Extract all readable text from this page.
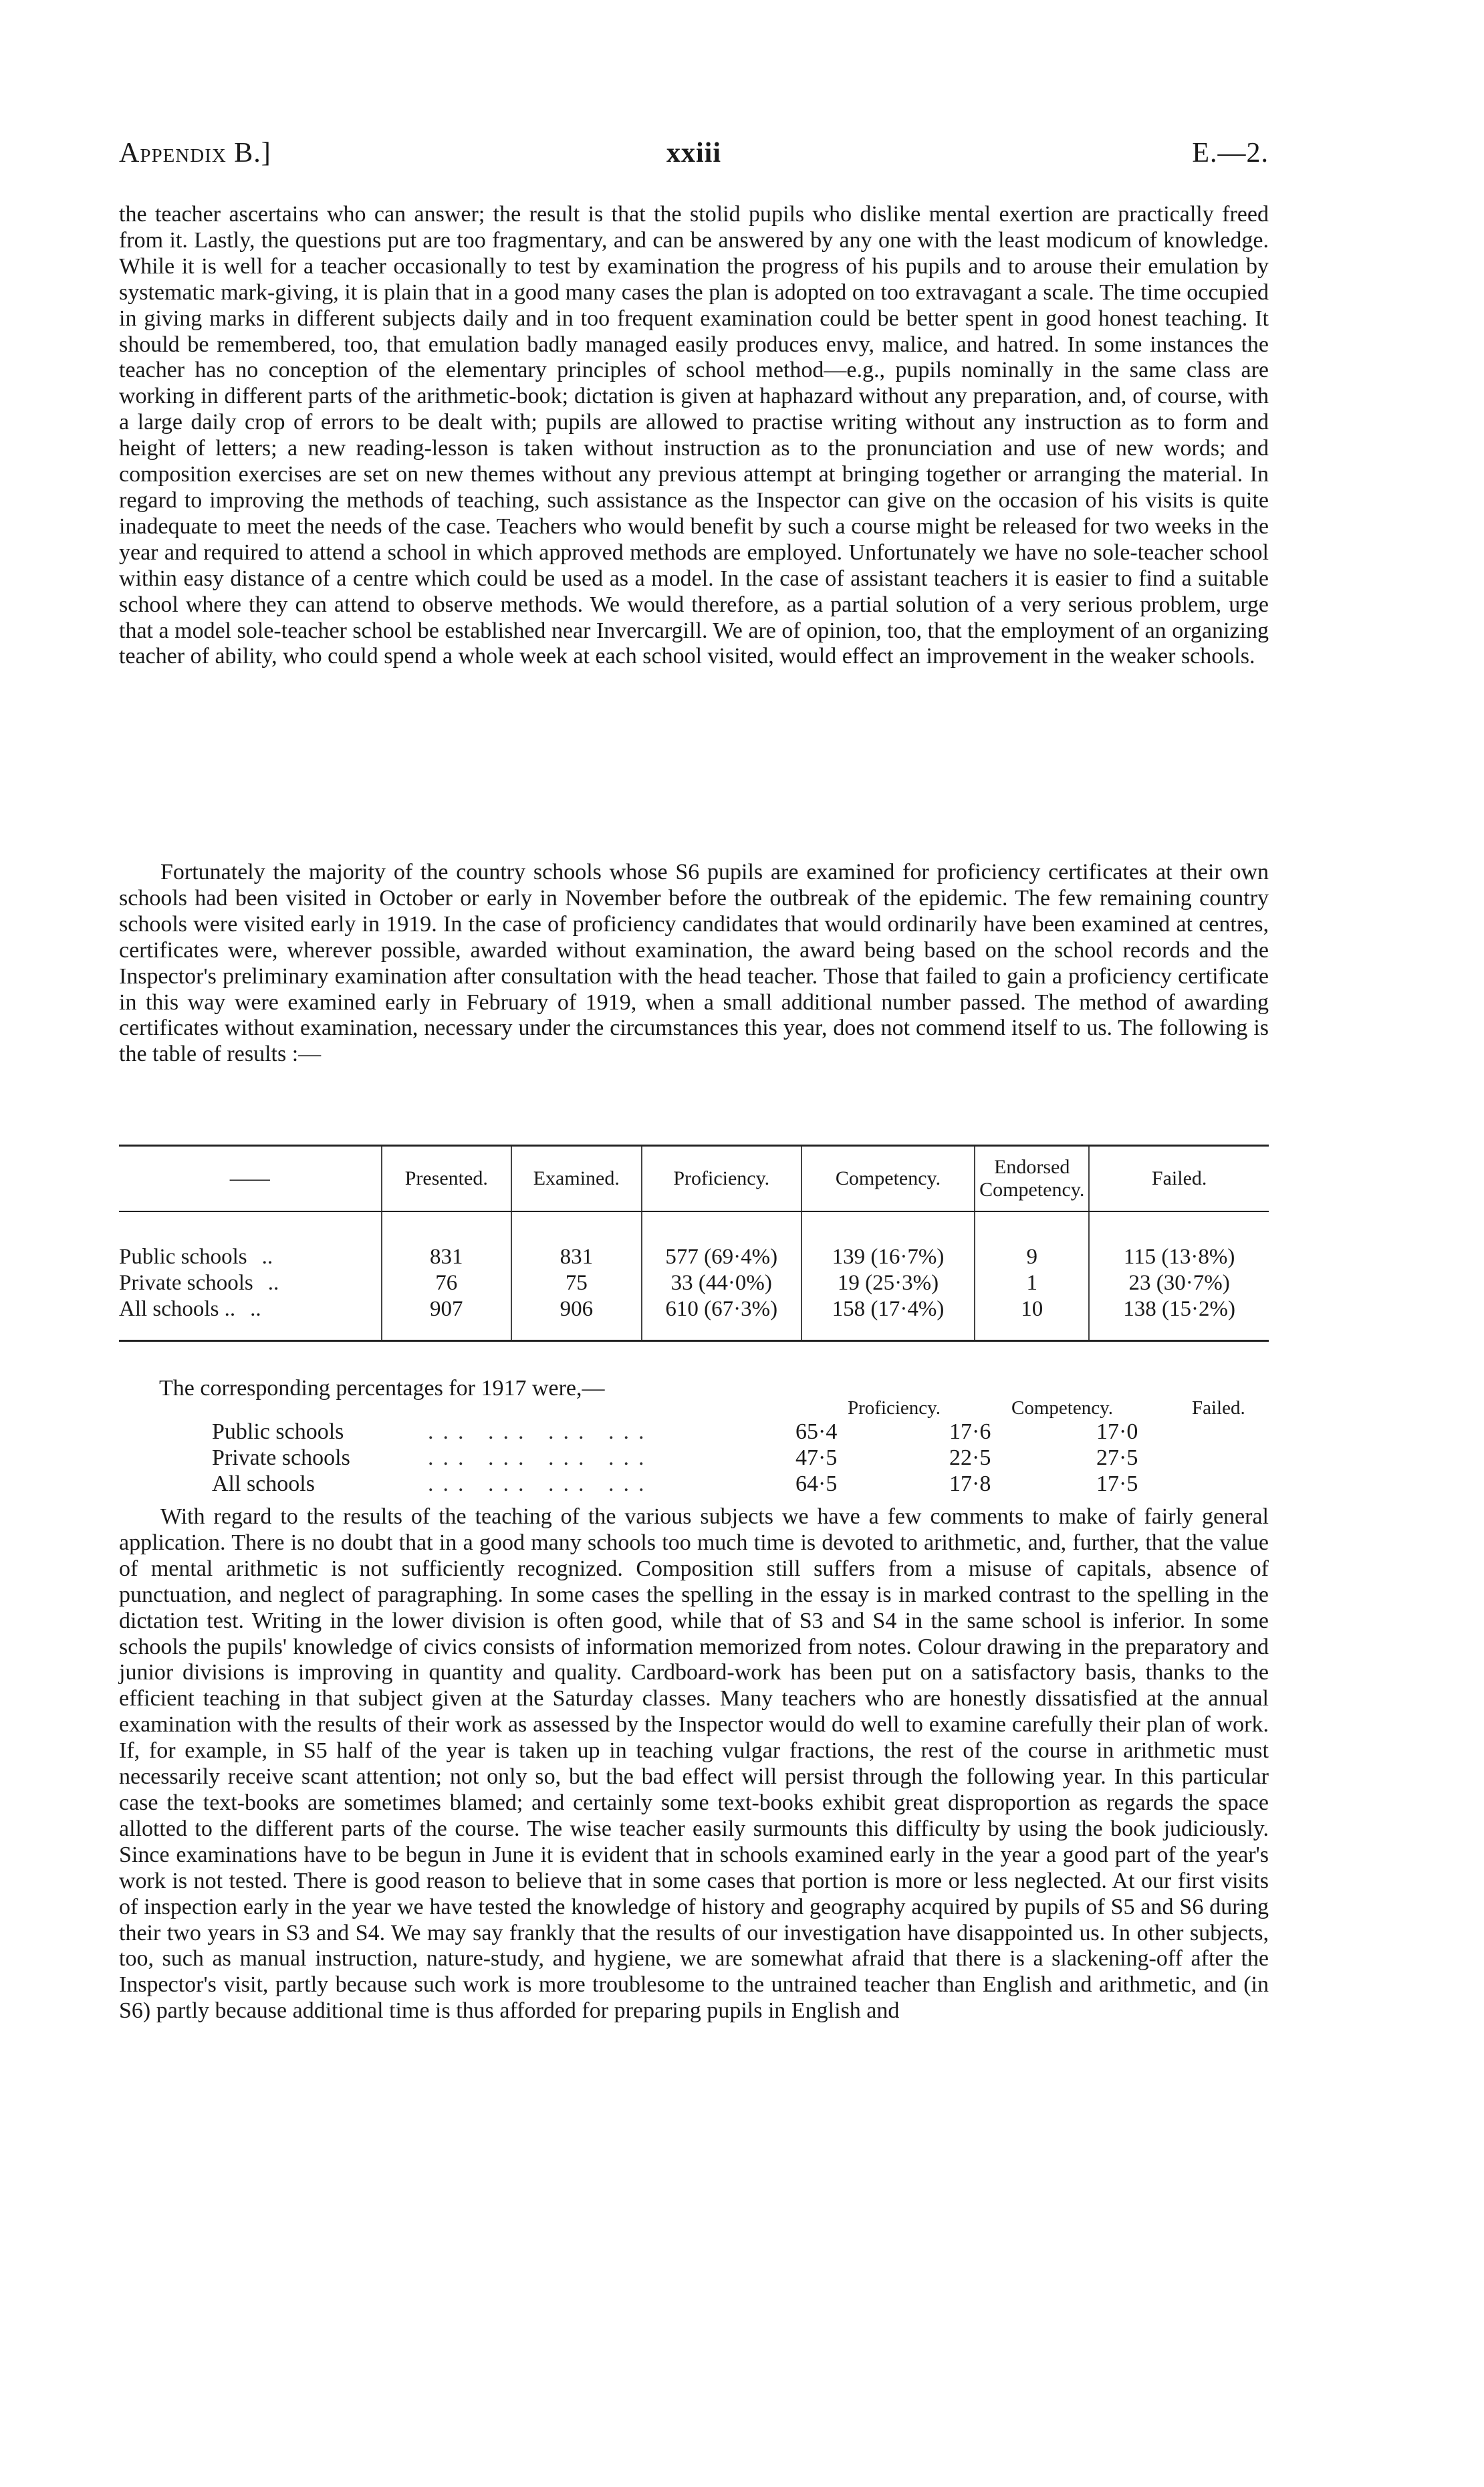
Appendix B.]	xxiii	E.—2.

the teacher ascertains who can answer; the result is that the stolid pupils who dislike mental exertion are practically freed from it. Lastly, the questions put are too fragmentary, and can be answered by any one with the least modicum of knowledge. While it is well for a teacher occasionally to test by examination the progress of his pupils and to arouse their emulation by systematic mark-giving, it is plain that in a good many cases the plan is adopted on too extravagant a scale. The time occupied in giving marks in different subjects daily and in too frequent examination could be better spent in good honest teaching. It should be remembered, too, that emulation badly managed easily produces envy, malice, and hatred. In some instances the teacher has no conception of the elementary principles of school method—e.g., pupils nominally in the same class are working in different parts of the arithmetic-book; dictation is given at haphazard without any preparation, and, of course, with a large daily crop of errors to be dealt with; pupils are allowed to practise writing without any instruction as to form and height of letters; a new reading-lesson is taken without instruction as to the pronunciation and use of new words; and composition exercises are set on new themes without any previous attempt at bringing together or arranging the material. In regard to improving the methods of teaching, such assistance as the Inspector can give on the occasion of his visits is quite inadequate to meet the needs of the case. Teachers who would benefit by such a course might be released for two weeks in the year and required to attend a school in which approved methods are employed. Unfortunately we have no sole-teacher school within easy distance of a centre which could be used as a model. In the case of assistant teachers it is easier to find a suitable school where they can attend to observe methods. We would therefore, as a partial solution of a very serious problem, urge that a model sole-teacher school be established near Invercargill. We are of opinion, too, that the employment of an organizing teacher of ability, who could spend a whole week at each school visited, would effect an improvement in the weaker schools.

Fortunately the majority of the country schools whose S6 pupils are examined for proficiency certificates at their own schools had been visited in October or early in November before the outbreak of the epidemic. The few remaining country schools were visited early in 1919. In the case of proficiency candidates that would ordinarily have been examined at centres, certificates were, wherever possible, awarded without examination, the award being based on the school records and the Inspector's preliminary examination after consultation with the head teacher. Those that failed to gain a proficiency certificate in this way were examined early in February of 1919, when a small additional number passed. The method of awarding certificates without examination, necessary under the circumstances this year, does not commend itself to us. The following is the table of results :—

——	Presented.	Examined.	Proficiency.	Competency.	Endorsed Competency.	Failed.

Public schools ..	831	831	577 (69·4%)	139 (16·7%)	9	115 (13·8%)
Private schools ..	76	75	33 (44·0%)	19 (25·3%)	1	23 (30·7%)
All schools .. ..	907	906	610 (67·3%)	158 (17·4%)	10	138 (15·2%)
The corresponding percentages for 1917 were,—
Proficiency.	Competency.	Failed.
Public schools	... ... ... ...	65·4	17·6	17·0
Private schools	... ... ... ...	47·5	22·5	27·5
All schools	... ... ... ...	64·5	17·8	17·5

With regard to the results of the teaching of the various subjects we have a few comments to make of fairly general application. There is no doubt that in a good many schools too much time is devoted to arithmetic, and, further, that the value of mental arithmetic is not sufficiently recognized. Composition still suffers from a misuse of capitals, absence of punctuation, and neglect of paragraphing. In some cases the spelling in the essay is in marked contrast to the spelling in the dictation test. Writing in the lower division is often good, while that of S3 and S4 in the same school is inferior. In some schools the pupils' knowledge of civics consists of information memorized from notes. Colour drawing in the preparatory and junior divisions is improving in quantity and quality. Cardboard-work has been put on a satisfactory basis, thanks to the efficient teaching in that subject given at the Saturday classes. Many teachers who are honestly dissatisfied at the annual examination with the results of their work as assessed by the Inspector would do well to examine carefully their plan of work. If, for example, in S5 half of the year is taken up in teaching vulgar fractions, the rest of the course in arithmetic must necessarily receive scant attention; not only so, but the bad effect will persist through the following year. In this particular case the text-books are sometimes blamed; and certainly some text-books exhibit great disproportion as regards the space allotted to the different parts of the course. The wise teacher easily surmounts this difficulty by using the book judiciously. Since examinations have to be begun in June it is evident that in schools examined early in the year a good part of the year's work is not tested. There is good reason to believe that in some cases that portion is more or less neglected. At our first visits of inspection early in the year we have tested the knowledge of history and geography acquired by pupils of S5 and S6 during their two years in S3 and S4. We may say frankly that the results of our investigation have disappointed us. In other subjects, too, such as manual instruction, nature-study, and hygiene, we are somewhat afraid that there is a slackening-off after the Inspector's visit, partly because such work is more troublesome to the untrained teacher than English and arithmetic, and (in S6) partly because additional time is thus afforded for preparing pupils in English and
